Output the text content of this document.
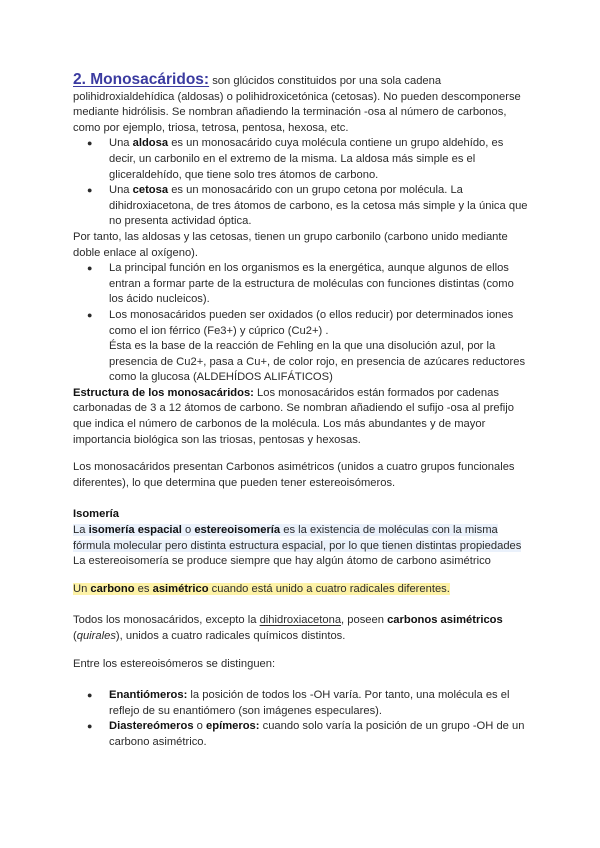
2. Monosacáridos: son glúcidos constituidos por una sola cadena polihidroxialdehídica (aldosas) o polihidroxicetónica (cetosas). No pueden descomponerse mediante hidrólisis. Se nombran añadiendo la terminación -osa al número de carbonos, como por ejemplo, triosa, tetrosa, pentosa, hexosa, etc.

● Una aldosa es un monosacárido cuya molécula contiene un grupo aldehído, es decir, un carbonilo en el extremo de la misma. La aldosa más simple es el gliceraldehído, que tiene solo tres átomos de carbono.
● Una cetosa es un monosacárido con un grupo cetona por molécula. La dihidroxiacetona, de tres átomos de carbono, es la cetosa más simple y la única que no presenta actividad óptica.

Por tanto, las aldosas y las cetosas, tienen un grupo carbonilo (carbono unido mediante doble enlace al oxígeno).

● La principal función en los organismos es la energética, aunque algunos de ellos entran a formar parte de la estructura de moléculas con funciones distintas (como los ácido nucleicos).
● Los monosacáridos pueden ser oxidados (o ellos reducir) por determinados iones como el ion férrico (Fe3+) y cúprico (Cu2+) .
Ésta es la base de la reacción de Fehling en la que una disolución azul, por la presencia de Cu2+, pasa a Cu+, de color rojo, en presencia de azúcares reductores como la glucosa (ALDEHÍDOS ALIFÁTICOS)

Estructura de los monosacáridos: Los monosacáridos están formados por cadenas carbonadas de 3 a 12 átomos de carbono. Se nombran añadiendo el sufijo -osa al prefijo que indica el número de carbonos de la molécula. Los más abundantes y de mayor importancia biológica son las triosas, pentosas y hexosas.

Los monosacáridos presentan Carbonos asimétricos (unidos a cuatro grupos funcionales diferentes), lo que determina que pueden tener estereoisómeros.

Isomería

La isomería espacial o estereoisomería es la existencia de moléculas con la misma fórmula molecular pero distinta estructura espacial, por lo que tienen distintas propiedades

La estereoisomería se produce siempre que hay algún átomo de carbono asimétrico

Un carbono es asimétrico cuando está unido a cuatro radicales diferentes.

Todos los monosacáridos, excepto la dihidroxiacetona, poseen carbonos asimétricos (quirales), unidos a cuatro radicales químicos distintos.

Entre los estereoisómeros se distinguen:

● Enantiómeros: la posición de todos los -OH varía. Por tanto, una molécula es el reflejo de su enantiómero (son imágenes especulares).
● Diastereómeros o epímeros: cuando solo varía la posición de un grupo -OH de un carbono asimétrico.
